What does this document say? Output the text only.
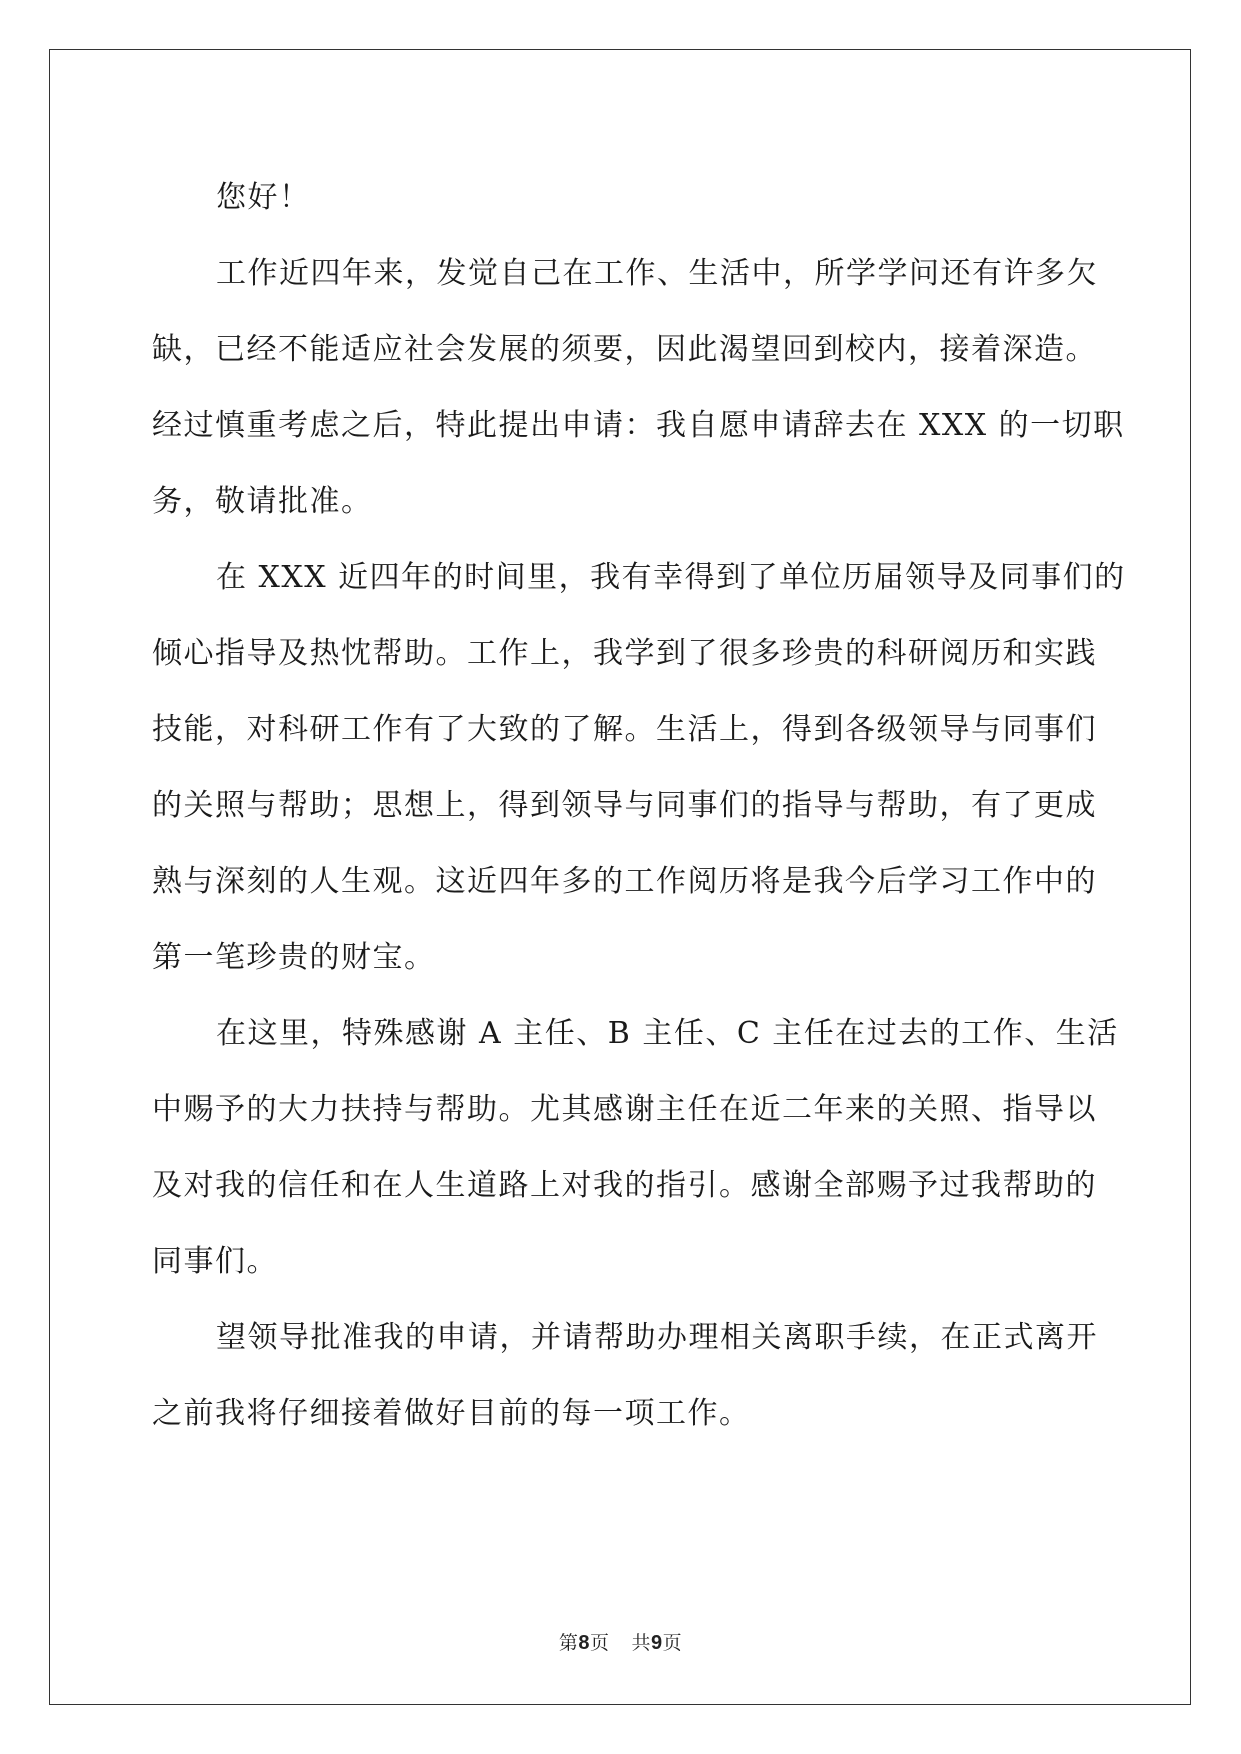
您好！

工作近四年来，发觉自己在工作、生活中，所学学问还有许多欠
缺，已经不能适应社会发展的须要，因此渴望回到校内，接着深造。
经过慎重考虑之后，特此提出申请：我自愿申请辞去在 XXX 的一切职
务，敬请批准。

在 XXX 近四年的时间里，我有幸得到了单位历届领导及同事们的
倾心指导及热忱帮助。工作上，我学到了很多珍贵的科研阅历和实践
技能，对科研工作有了大致的了解。生活上，得到各级领导与同事们
的关照与帮助；思想上，得到领导与同事们的指导与帮助，有了更成
熟与深刻的人生观。这近四年多的工作阅历将是我今后学习工作中的
第一笔珍贵的财宝。

在这里，特殊感谢 A 主任、B 主任、C 主任在过去的工作、生活
中赐予的大力扶持与帮助。尤其感谢主任在近二年来的关照、指导以
及对我的信任和在人生道路上对我的指引。感谢全部赐予过我帮助的
同事们。

望领导批准我的申请，并请帮助办理相关离职手续，在正式离开
之前我将仔细接着做好目前的每一项工作。

第8页 共9页
